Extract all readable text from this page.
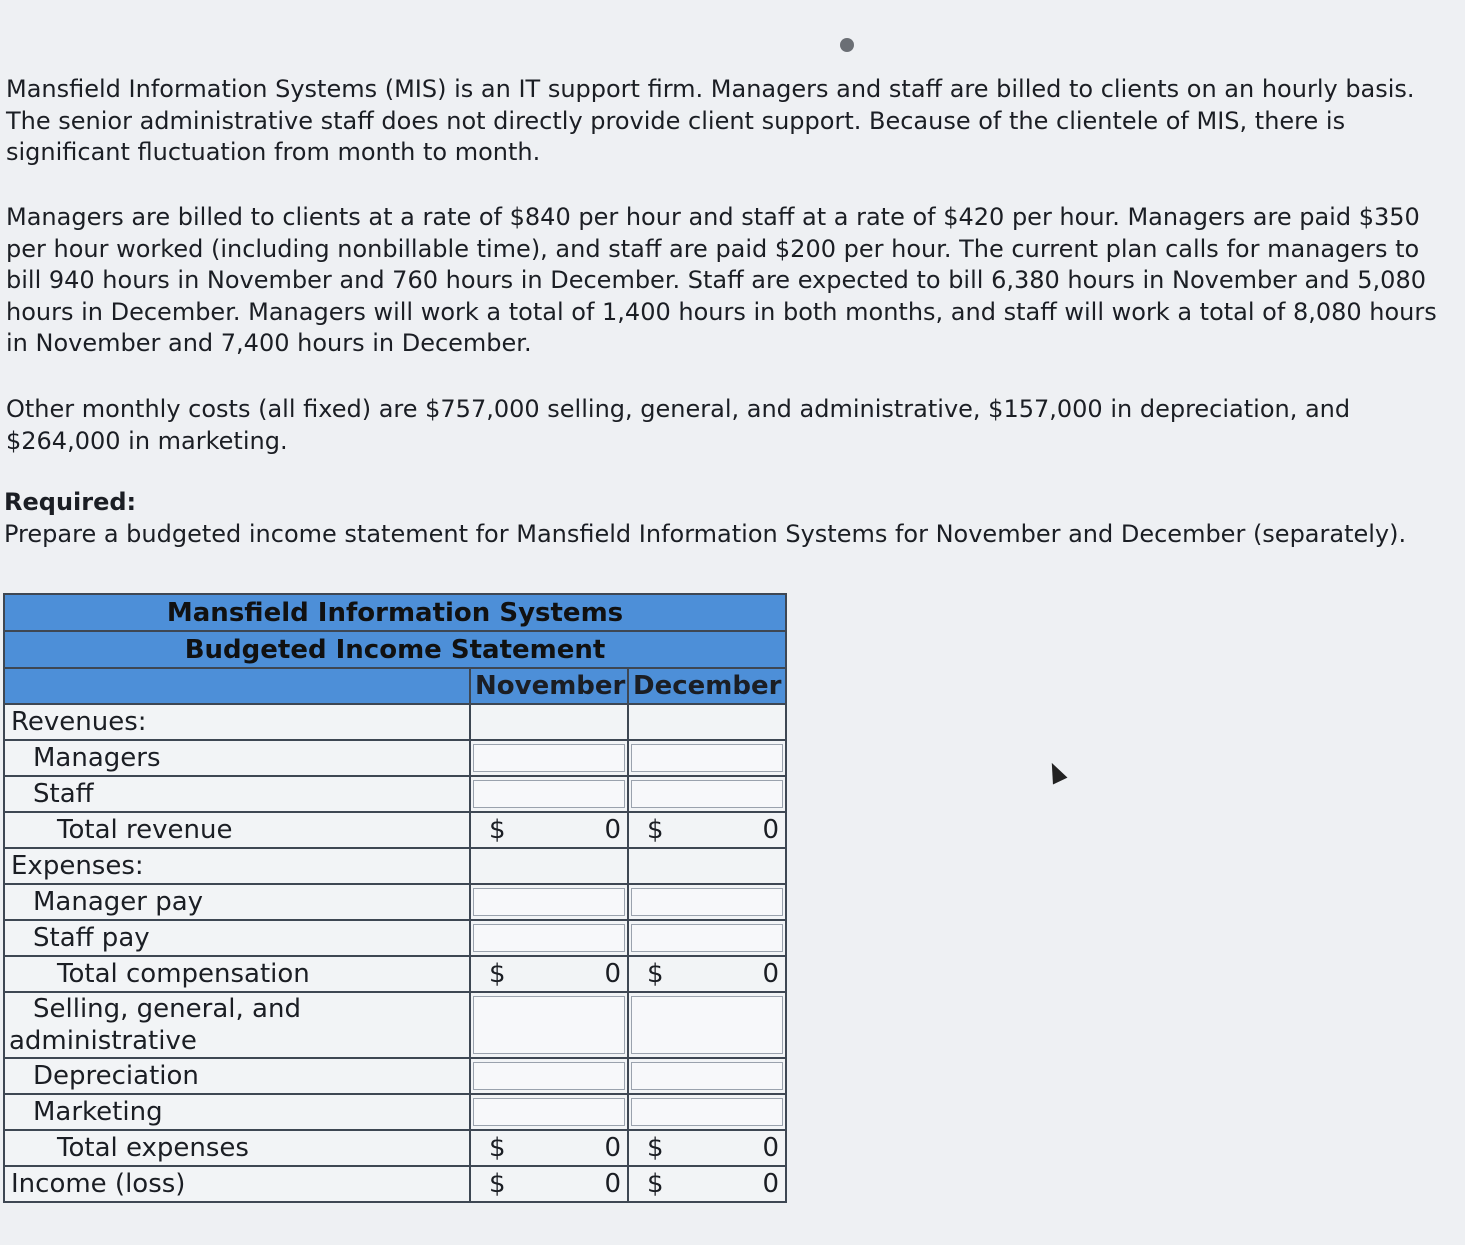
Mansfield Information Systems (MIS) is an IT support firm. Managers and staff are billed to clients on an hourly basis. The senior administrative staff does not directly provide client support. Because of the clientele of MIS, there is significant fluctuation from month to month.

Managers are billed to clients at a rate of $840 per hour and staff at a rate of $420 per hour. Managers are paid $350 per hour worked (including nonbillable time), and staff are paid $200 per hour. The current plan calls for managers to bill 940 hours in November and 760 hours in December. Staff are expected to bill 6,380 hours in November and 5,080 hours in December. Managers will work a total of 1,400 hours in both months, and staff will work a total of 8,080 hours in November and 7,400 hours in December.

Other monthly costs (all fixed) are $757,000 selling, general, and administrative, $157,000 in depreciation, and $264,000 in marketing.

Required:
Prepare a budgeted income statement for Mansfield Information Systems for November and December (separately).
Mansfield Information Systems		
Budgeted Income Statement		
	November	December
Revenues:		
Managers	

Staff	

Total revenue	$ 0	$ 0

Expenses:		
Manager pay	

Staff pay	

Total compensation	$ 0	$ 0

Selling, general, and administrative		

Depreciation	

Marketing	

Total expenses	$ 0	$ 0

Income (loss)	$ 0	$ 0
